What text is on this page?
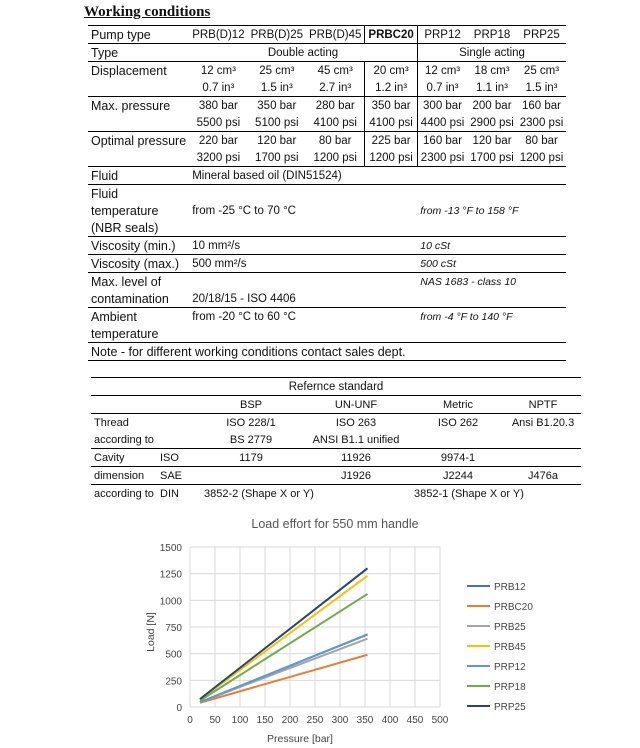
Working conditions
Pump type	PRB(D)12	PRB(D)25	PRB(D)45	PRBC20	PRP12	PRP18	PRP25
Type	Double acting				Single acting		
Displacement	12 cm³	25 cm³	45 cm³	20 cm³	12 cm³	18 cm³	25 cm³
	0.7 in³	1.5 in³	2.7 in³	1.2 in³	0.7 in³	1.1 in³	1.5 in³
Max. pressure	380 bar	350 bar	280 bar	350 bar	300 bar	200 bar	160 bar
	5500 psi	5100 psi	4100 psi	4100 psi	4400 psi	2900 psi	2300 psi
Optimal pressure	220 bar	120 bar	80 bar	225 bar	160 bar	120 bar	80 bar
	3200 psi	1700 psi	1200 psi	1200 psi	2300 psi	1700 psi	1200 psi
Fluid	Mineral based oil (DIN51524)						
Fluid							
temperature	from -25 °C to 70 °C				from -13 °F to 158 °F		
(NBR seals)							
Viscosity (min.)	10 mm²/s				10 cSt		
Viscosity (max.)	500 mm²/s				500 cSt		
Max. level of					NAS 1683 - class 10		
contamination	20/18/15 - ISO 4406						
Ambient	from -20 °C to 60 °C				from -4 °F to 140 °F		
temperature							
Note - for different working conditions contact sales dept.							
Refernce standard					
		BSP	UN-UNF	Metric	NPTF
Thread		ISO 228/1	ISO 263	ISO 262	Ansi B1.20.3
according to		BS 2779	ANSI B1.1 unified		
Cavity	ISO	1179	11926	9974-1	
dimension	SAE		J1926	J2244	J476a
according to	DIN	3852-2 (Shape X or Y)		3852-1 (Shape X or Y)	
Load effort for 550 mm handle
0
250
500
750
1000
1250
1500
0 50 100 150 200 250 300 350 400 450 500
PRB12
PRBC20
PRB25
PRB45
PRP12
PRP18
PRP25
Pressure [bar]
Load [N]
